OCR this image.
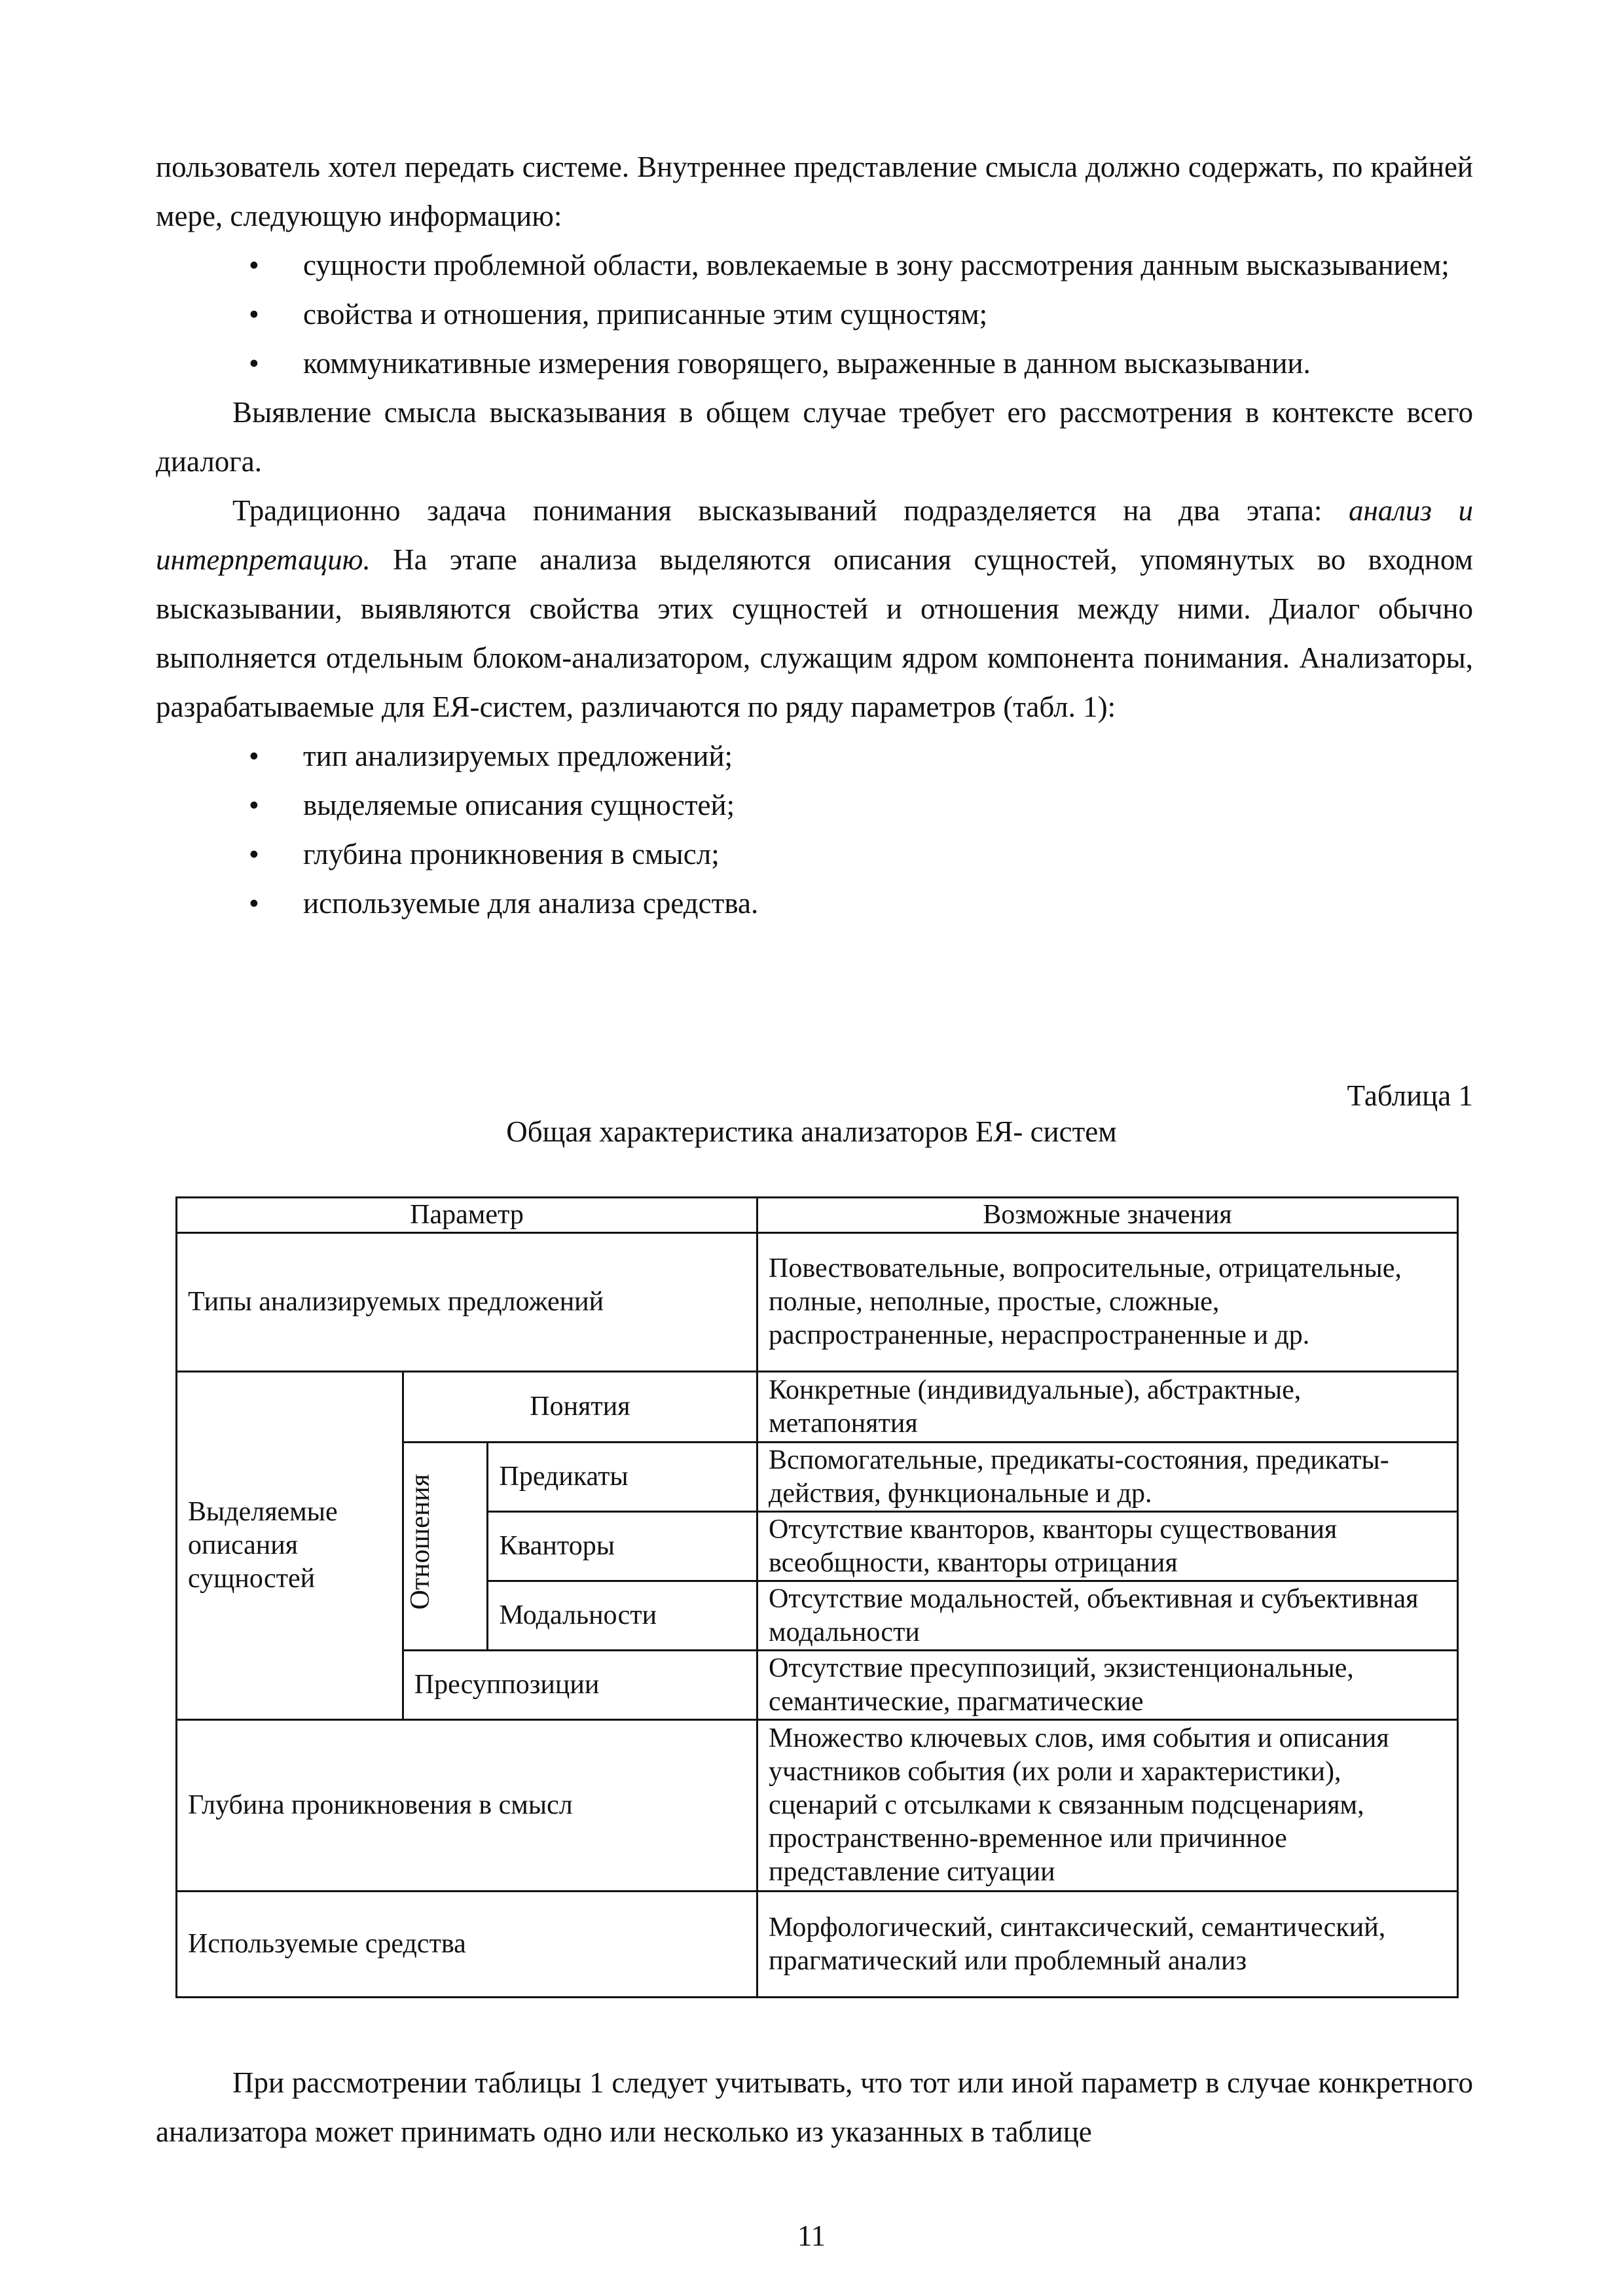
пользователь хотел передать системе. Внутреннее представление смысла должно содержать, по крайней мере, следующую информацию:

• сущности проблемной области, вовлекаемые в зону рассмотрения данным высказыванием;
• свойства и отношения, приписанные этим сущностям;
• коммуникативные измерения говорящего, выраженные в данном высказывании.

Выявление смысла высказывания в общем случае требует его рассмотрения в контексте всего диалога.

Традиционно задача понимания высказываний подразделяется на два этапа: анализ и интерпретацию. На этапе анализа выделяются описания сущностей, упомянутых во входном высказывании, выявляются свойства этих сущностей и отношения между ними. Диалог обычно выполняется отдельным блоком-анализатором, служащим ядром компонента понимания. Анализаторы, разрабатываемые для ЕЯ-систем, различаются по ряду параметров (табл. 1):

• тип анализируемых предложений;
• выделяемые описания сущностей;
• глубина проникновения в смысл;
• используемые для анализа средства.
Таблица 1
Общая характеристика анализаторов ЕЯ- систем
Параметр			Возможные значения
Типы анализируемых предложений			Повествовательные, вопросительные, отрицательные, полные, неполные, простые, сложные, распространенные, нераспространенные и др.
Выделяемые описания сущностей	Понятия		Конкретные (индивидуальные), абстрактные, метапонятия
	Отношения	Предикаты	Вспомогательные, предикаты-состояния, предикаты-действия, функциональные и др.
		Кванторы	Отсутствие кванторов, кванторы существования всеобщности, кванторы отрицания
		Модальности	Отсутствие модальностей, объективная и субъективная модальности
	Пресуппозиции		Отсутствие пресуппозиций, экзистенциональные, семантические, прагматические
Глубина проникновения в смысл			Множество ключевых слов, имя события и описания участников события (их роли и характеристики), сценарий с отсылками к связанным подсценариям, пространственно-временное или причинное представление ситуации
Используемые средства			Морфологический, синтаксический, семантический, прагматический или проблемный анализ

При рассмотрении таблицы 1 следует учитывать, что тот или иной параметр в случае конкретного анализатора может принимать одно или несколько из указанных в таблице

11
